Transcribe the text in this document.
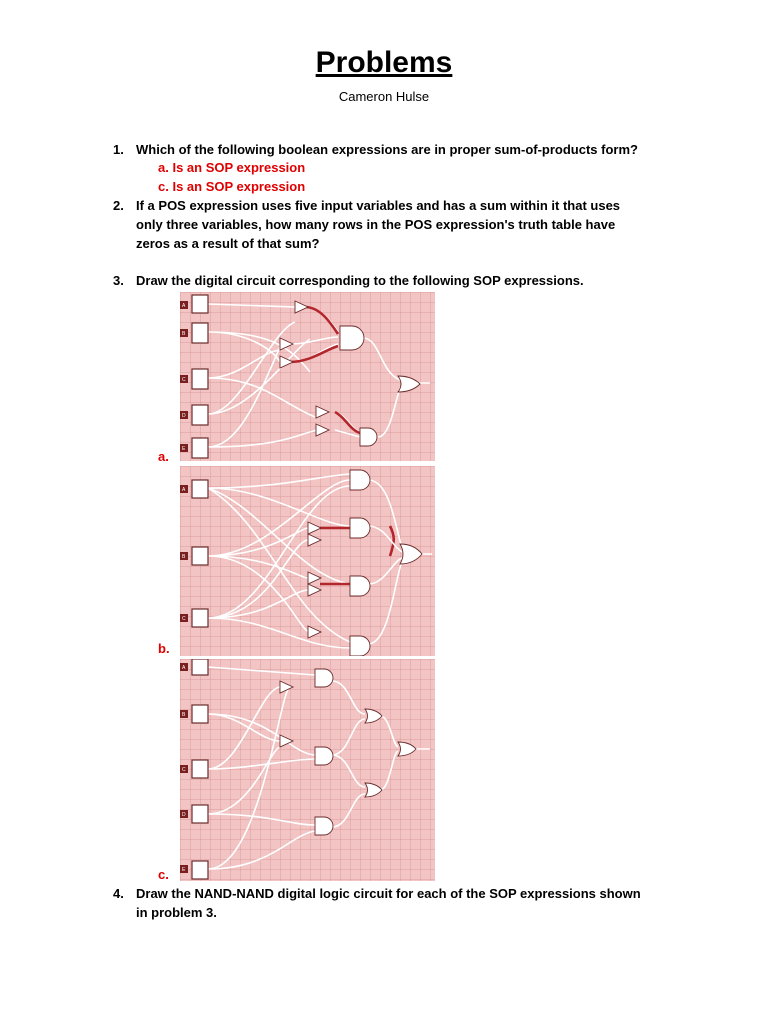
Problems
Cameron Hulse
1. Which of the following boolean expressions are in proper sum-of-products form?
a. Is an SOP expression
c. Is an SOP expression
2. If a POS expression uses five input variables and has a sum within it that uses
only three variables, how many rows in the POS expression's truth table have
zeros as a result of that sum?
3. Draw the digital circuit corresponding to the following SOP expressions.
A
B
C
D
E
a.
A
B
C
b.
A
B
C
D
E
c.
4. Draw the NAND-NAND digital logic circuit for each of the SOP expressions shown
in problem 3.
